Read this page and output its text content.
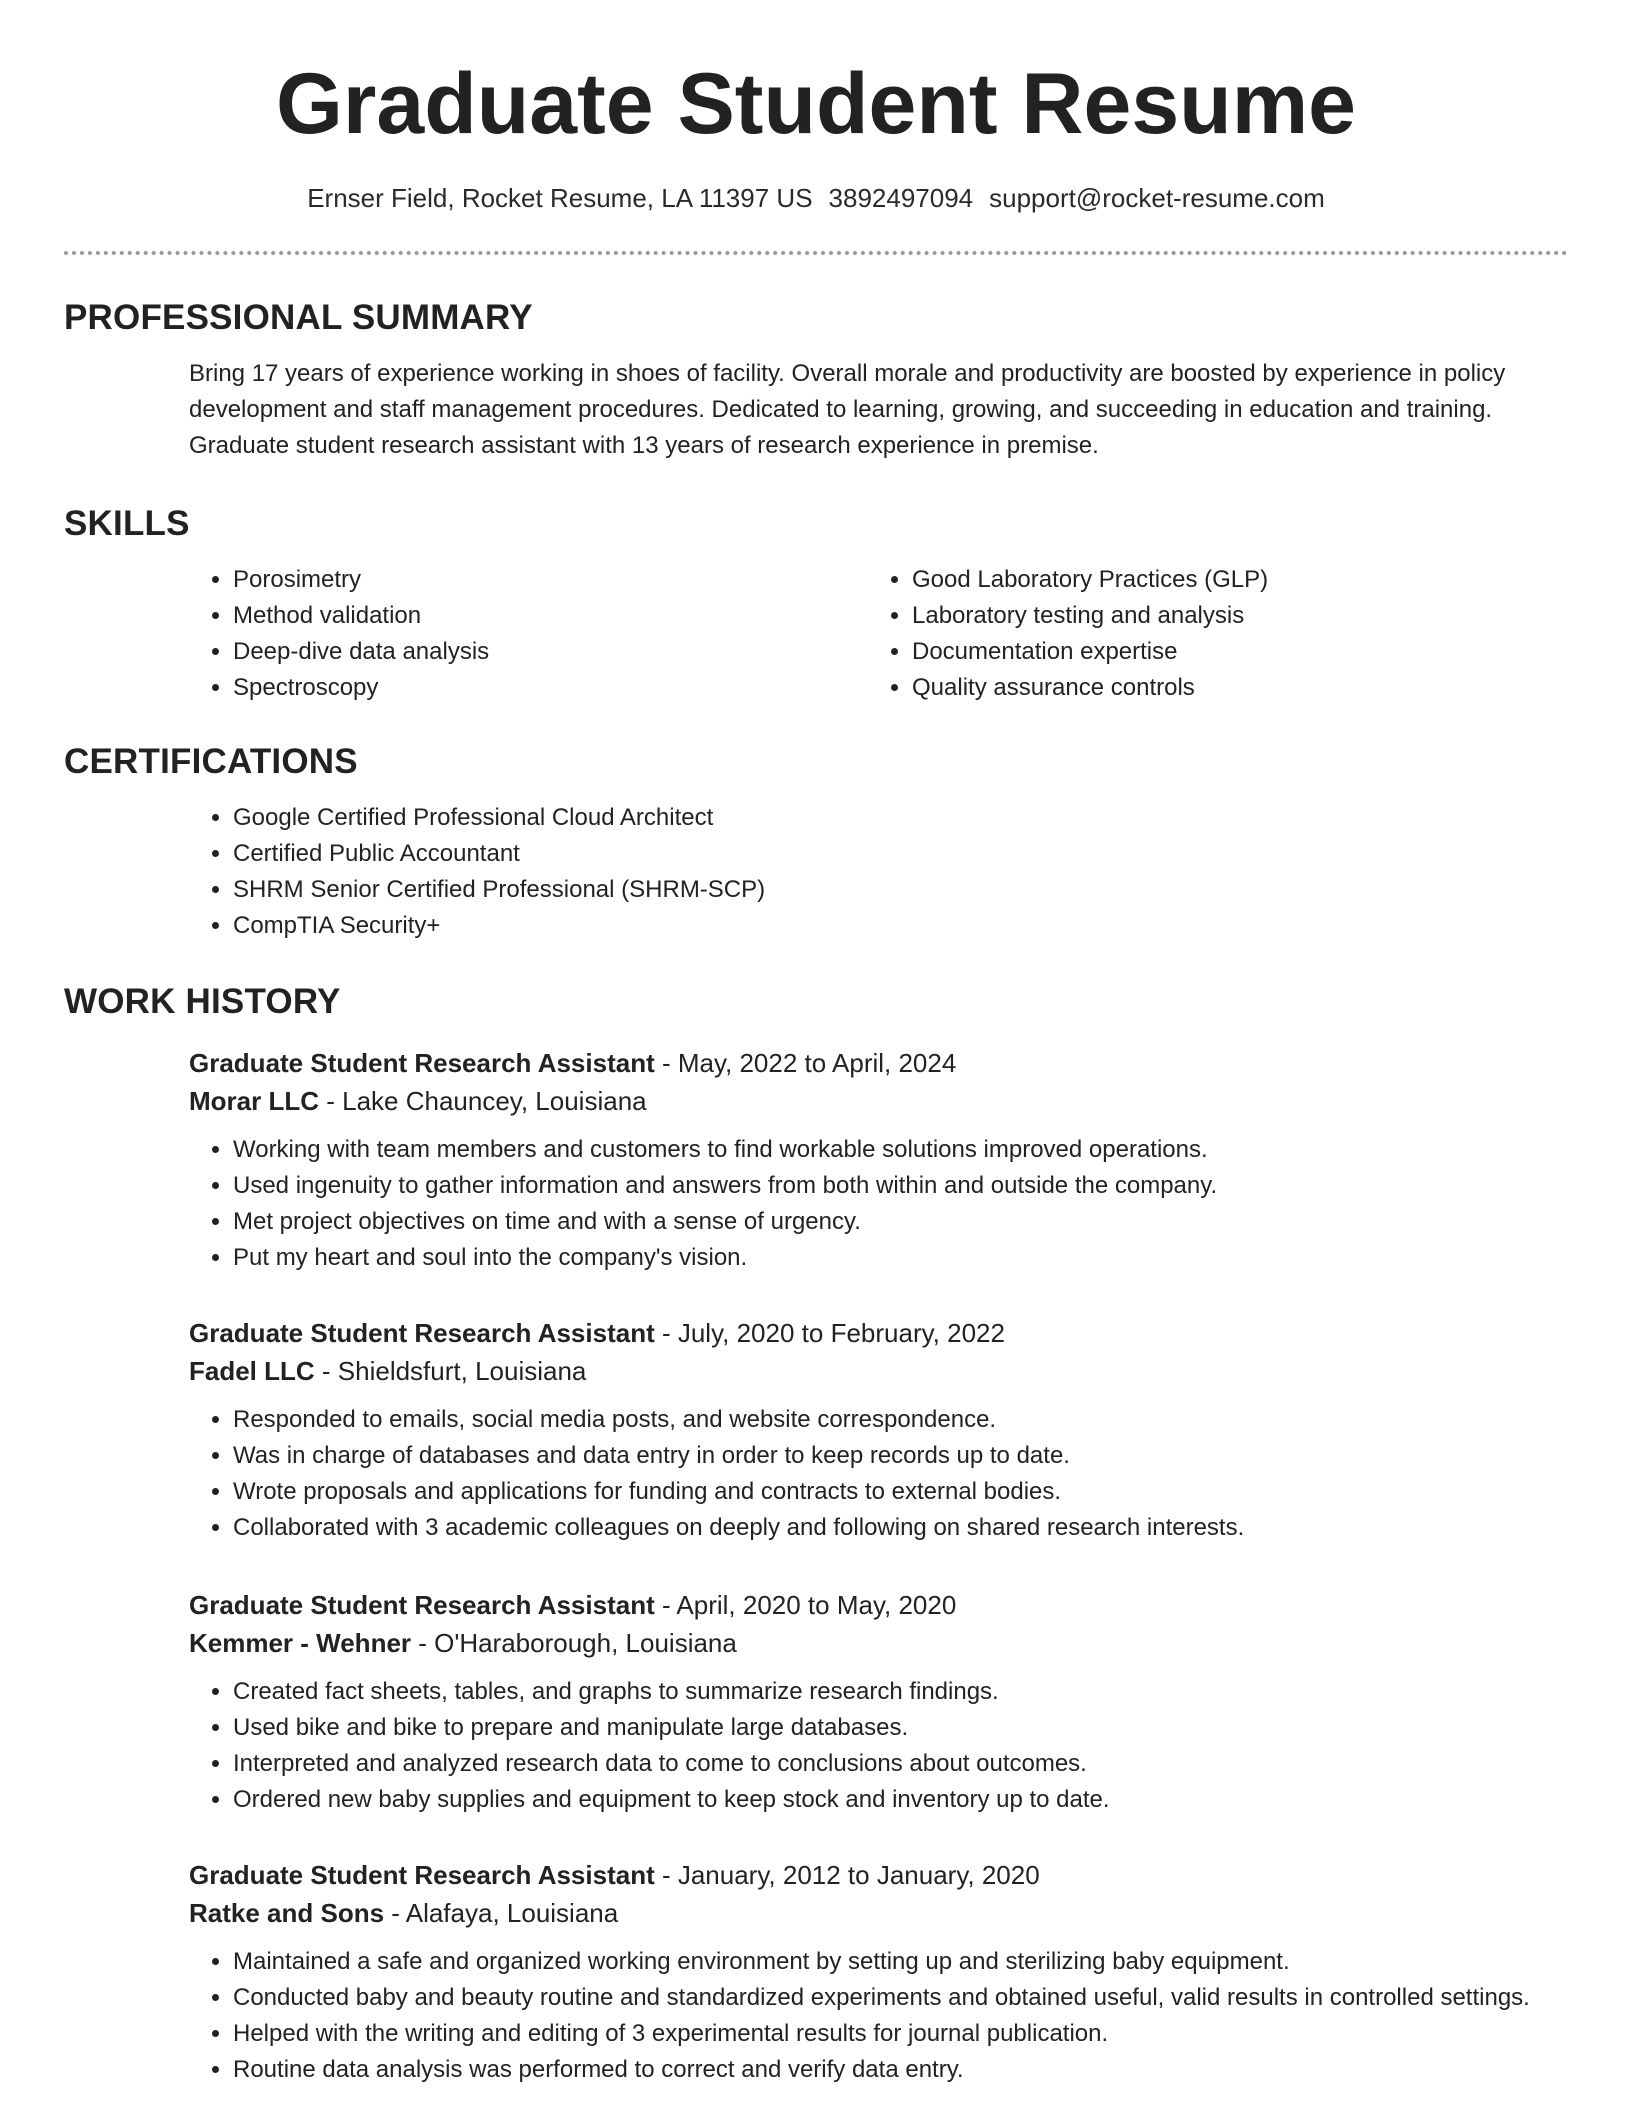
Graduate Student Resume
Ernser Field, Rocket Resume, LA 11397 US 3892497094 support@rocket-resume.com
PROFESSIONAL SUMMARY
Bring 17 years of experience working in shoes of facility. Overall morale and productivity are boosted by experience in policy development and staff management procedures. Dedicated to learning, growing, and succeeding in education and training. Graduate student research assistant with 13 years of research experience in premise.
SKILLS
• Porosimetry
• Method validation
• Deep-dive data analysis
• Spectroscopy
• Good Laboratory Practices (GLP)
• Laboratory testing and analysis
• Documentation expertise
• Quality assurance controls
CERTIFICATIONS
• Google Certified Professional Cloud Architect
• Certified Public Accountant
• SHRM Senior Certified Professional (SHRM-SCP)
• CompTIA Security+
WORK HISTORY
Graduate Student Research Assistant - May, 2022 to April, 2024
Morar LLC - Lake Chauncey, Louisiana
• Working with team members and customers to find workable solutions improved operations.
• Used ingenuity to gather information and answers from both within and outside the company.
• Met project objectives on time and with a sense of urgency.
• Put my heart and soul into the company's vision.
Graduate Student Research Assistant - July, 2020 to February, 2022
Fadel LLC - Shieldsfurt, Louisiana
• Responded to emails, social media posts, and website correspondence.
• Was in charge of databases and data entry in order to keep records up to date.
• Wrote proposals and applications for funding and contracts to external bodies.
• Collaborated with 3 academic colleagues on deeply and following on shared research interests.
Graduate Student Research Assistant - April, 2020 to May, 2020
Kemmer - Wehner - O'Haraborough, Louisiana
• Created fact sheets, tables, and graphs to summarize research findings.
• Used bike and bike to prepare and manipulate large databases.
• Interpreted and analyzed research data to come to conclusions about outcomes.
• Ordered new baby supplies and equipment to keep stock and inventory up to date.
Graduate Student Research Assistant - January, 2012 to January, 2020
Ratke and Sons - Alafaya, Louisiana
• Maintained a safe and organized working environment by setting up and sterilizing baby equipment.
• Conducted baby and beauty routine and standardized experiments and obtained useful, valid results in controlled settings.
• Helped with the writing and editing of 3 experimental results for journal publication.
• Routine data analysis was performed to correct and verify data entry.
